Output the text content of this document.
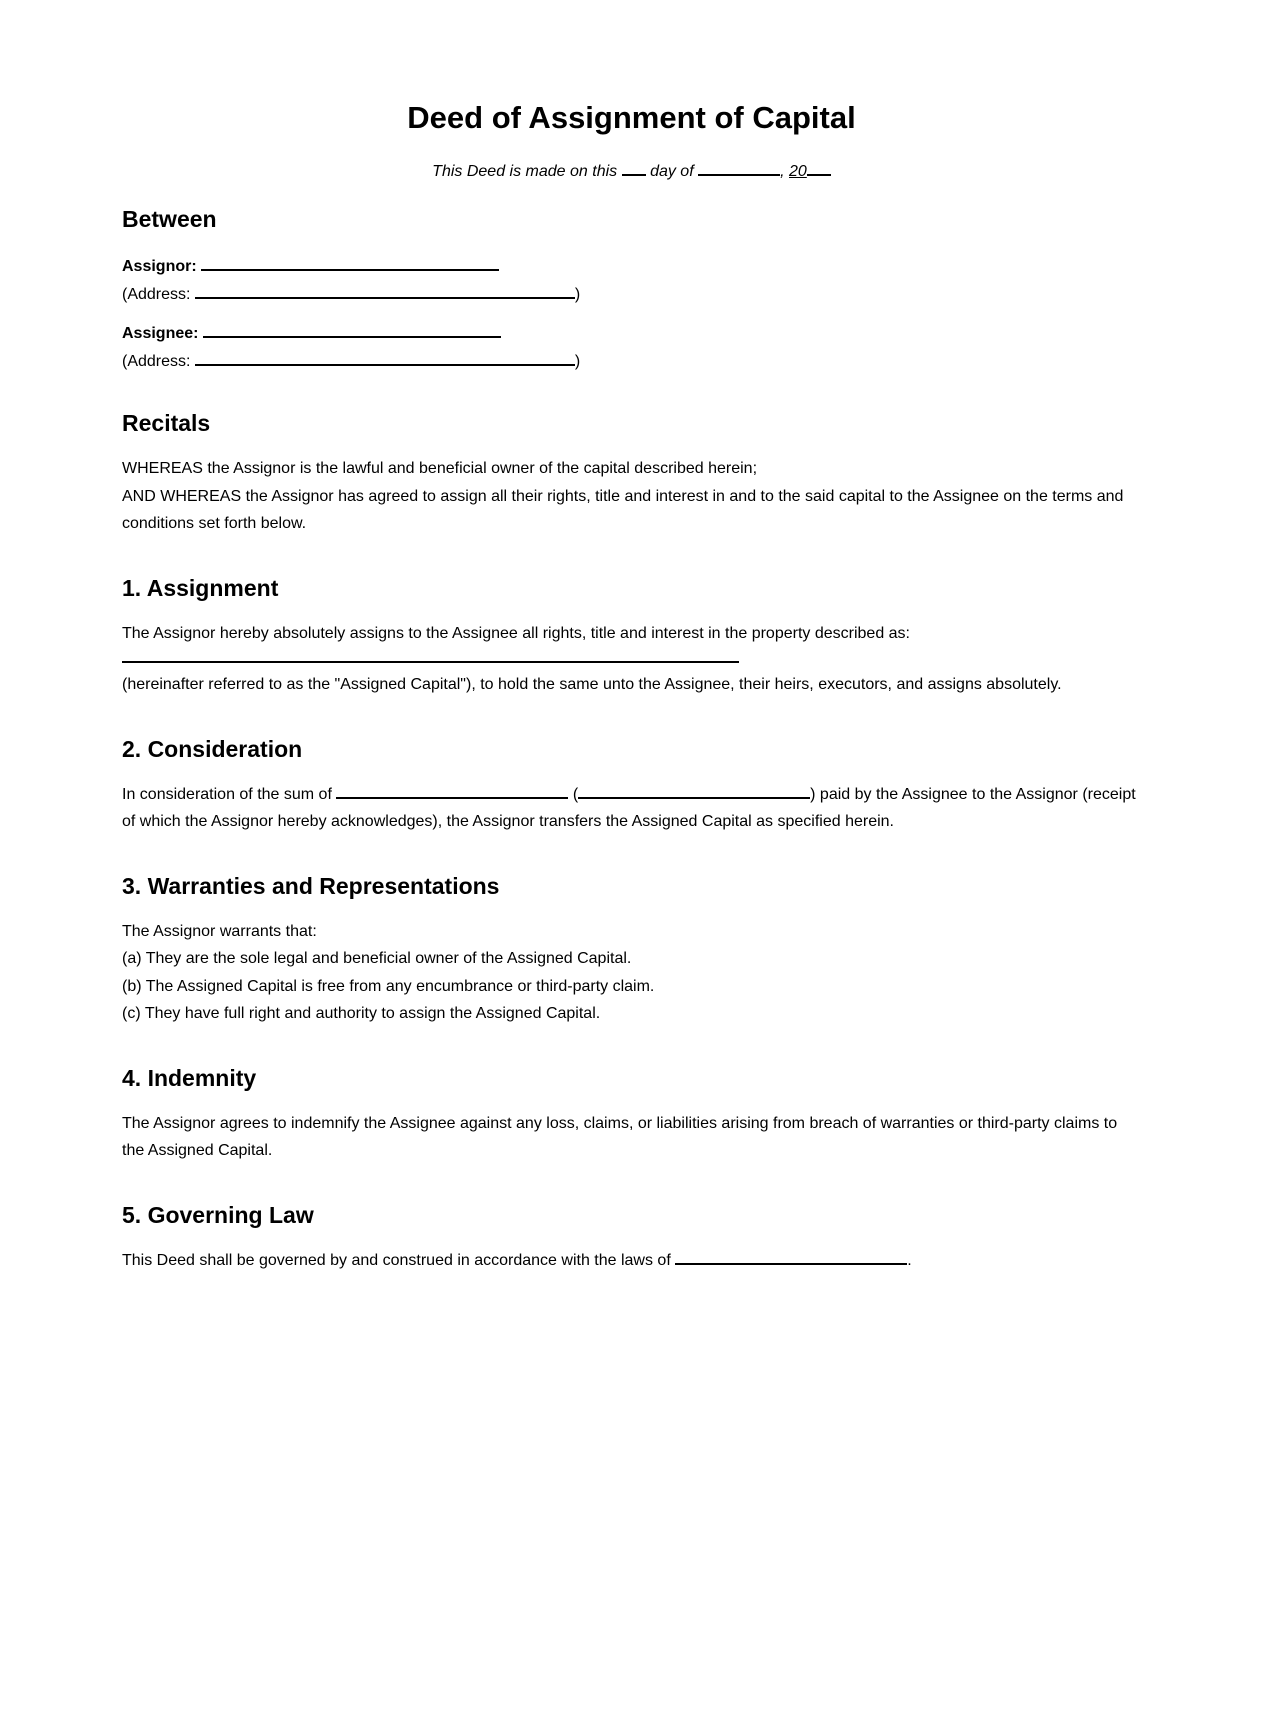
Deed of Assignment of Capital
This Deed is made on this day of	, 20
Between
Assignor:
(Address:	)
Assignee:
(Address:	)
Recitals

WHEREAS the Assignor is the lawful and beneficial owner of the capital described herein;

AND WHEREAS the Assignor has agreed to assign all their rights, title and interest in and to the said capital to the Assignee on the terms and conditions set forth below.

1. Assignment

The Assignor hereby absolutely assigns to the Assignee all rights, title and interest in the property described as:

(hereinafter referred to as the "Assigned Capital"), to hold the same unto the Assignee, their heirs, executors, and assigns absolutely.

2. Consideration

In consideration of the sum of	(	) paid by the Assignee to the Assignor (receipt of which the Assignor hereby acknowledges), the Assignor transfers the Assigned Capital as specified herein.

3. Warranties and Representations

The Assignor warrants that:

(a) They are the sole legal and beneficial owner of the Assigned Capital.

(b) The Assigned Capital is free from any encumbrance or third-party claim.

(c) They have full right and authority to assign the Assigned Capital.

4. Indemnity

The Assignor agrees to indemnify the Assignee against any loss, claims, or liabilities arising from breach of warranties or third-party claims to the Assigned Capital.

5. Governing Law

This Deed shall be governed by and construed in accordance with the laws of	.
